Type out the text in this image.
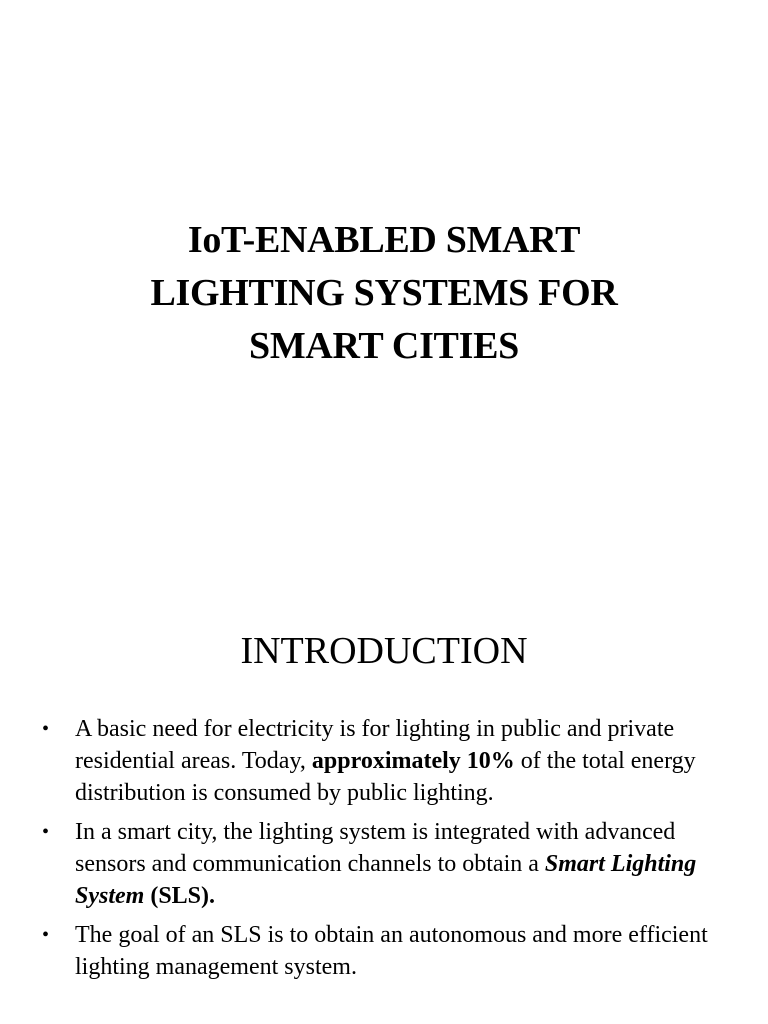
IoT-ENABLED SMART
LIGHTING SYSTEMS FOR
SMART CITIES
INTRODUCTION
• A basic need for electricity is for lighting in public and private residential areas. Today, approximately 10% of the total energy distribution is consumed by public lighting.
• In a smart city, the lighting system is integrated with advanced sensors and communication channels to obtain a Smart Lighting System (SLS).
• The goal of an SLS is to obtain an autonomous and more efficient lighting management system.
